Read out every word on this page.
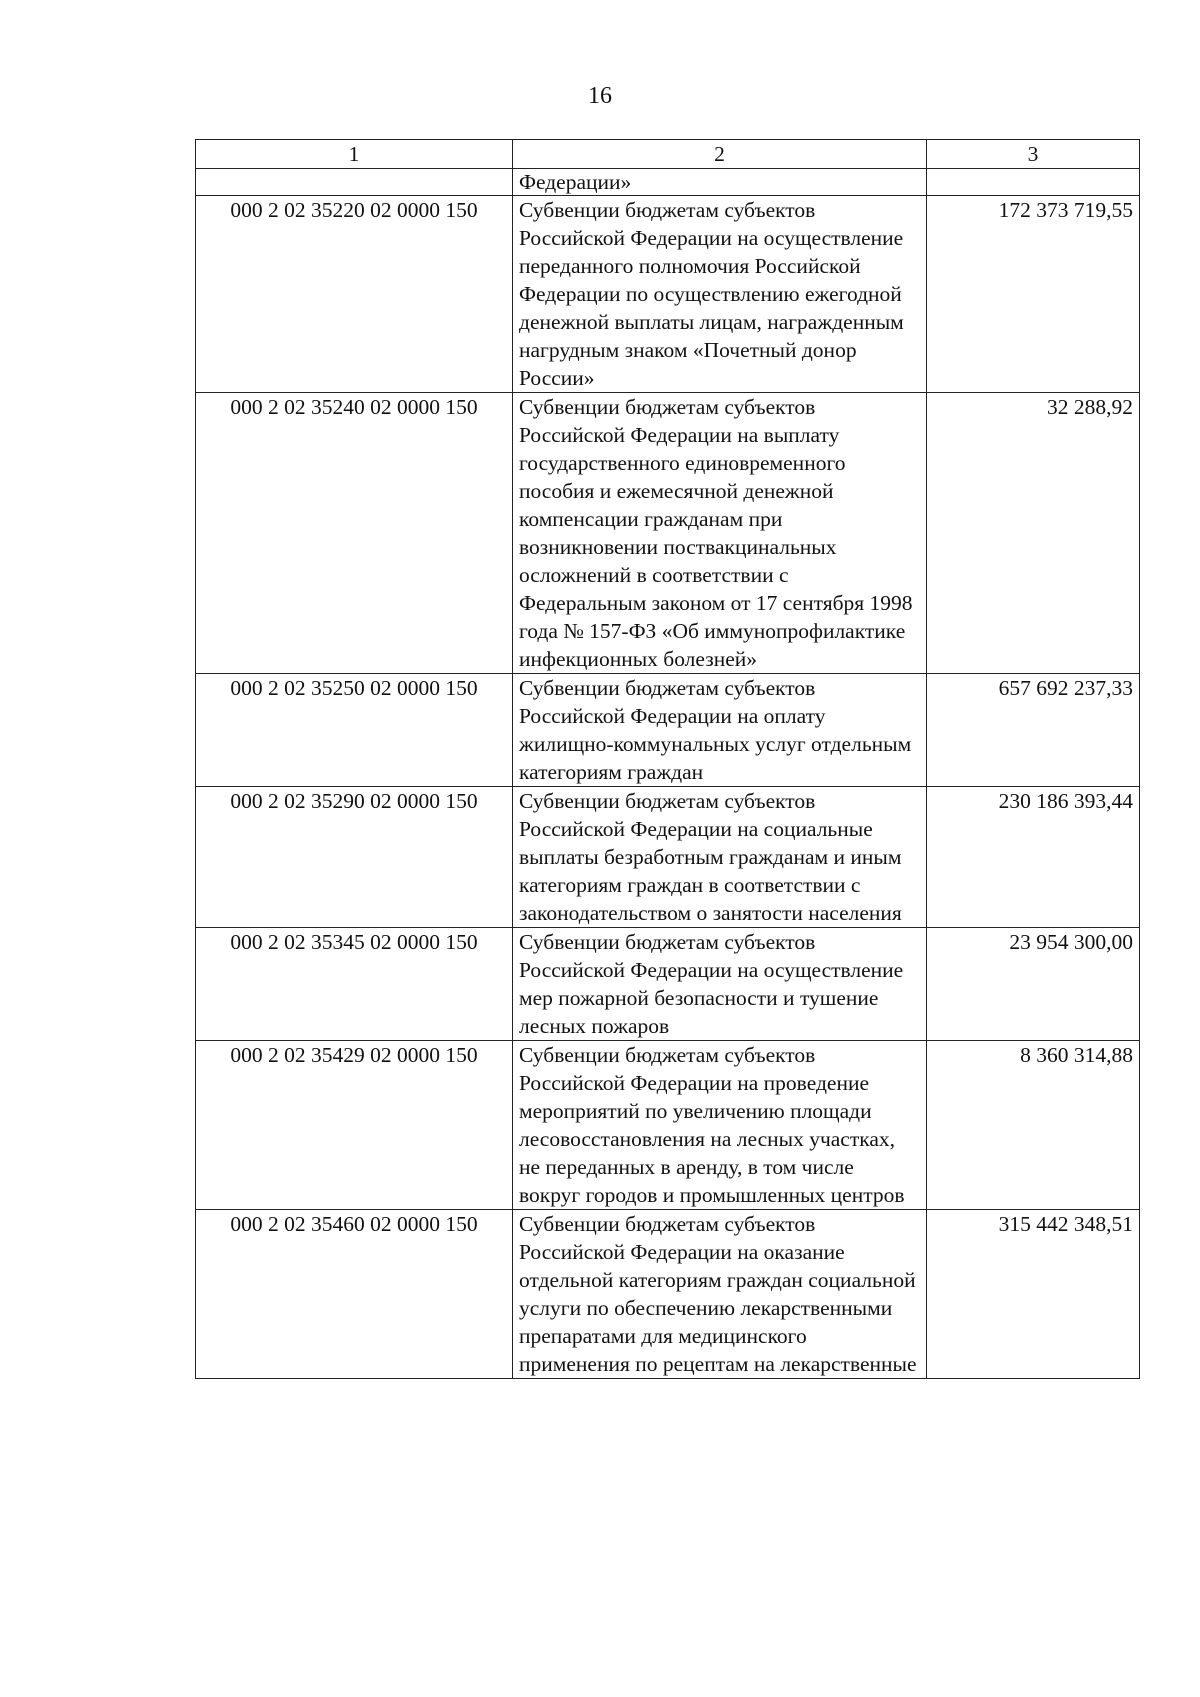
16
1	2	3
	Федерации»	
000 2 02 35220 02 0000 150	Субвенции бюджетам субъектов Российской Федерации на осуществление переданного полномочия Российской Федерации по осуществлению ежегодной денежной выплаты лицам, награжденным нагрудным знаком «Почетный донор России»	172 373 719,55
000 2 02 35240 02 0000 150	Субвенции бюджетам субъектов Российской Федерации на выплату государственного единовременного пособия и ежемесячной денежной компенсации гражданам при возникновении поствакцинальных осложнений в соответствии с Федеральным законом от 17 сентября 1998 года № 157-ФЗ «Об иммунопрофилактике инфекционных болезней»	32 288,92
000 2 02 35250 02 0000 150	Субвенции бюджетам субъектов Российской Федерации на оплату жилищно-коммунальных услуг отдельным категориям граждан	657 692 237,33
000 2 02 35290 02 0000 150	Субвенции бюджетам субъектов Российской Федерации на социальные выплаты безработным гражданам и иным категориям граждан в соответствии с законодательством о занятости населения	230 186 393,44
000 2 02 35345 02 0000 150	Субвенции бюджетам субъектов Российской Федерации на осуществление мер пожарной безопасности и тушение лесных пожаров	23 954 300,00
000 2 02 35429 02 0000 150	Субвенции бюджетам субъектов Российской Федерации на проведение мероприятий по увеличению площади лесовосстановления на лесных участках, не переданных в аренду, в том числе вокруг городов и промышленных центров	8 360 314,88
000 2 02 35460 02 0000 150	Субвенции бюджетам субъектов Российской Федерации на оказание отдельной категориям граждан социальной услуги по обеспечению лекарственными препаратами для медицинского применения по рецептам на лекарственные	315 442 348,51
